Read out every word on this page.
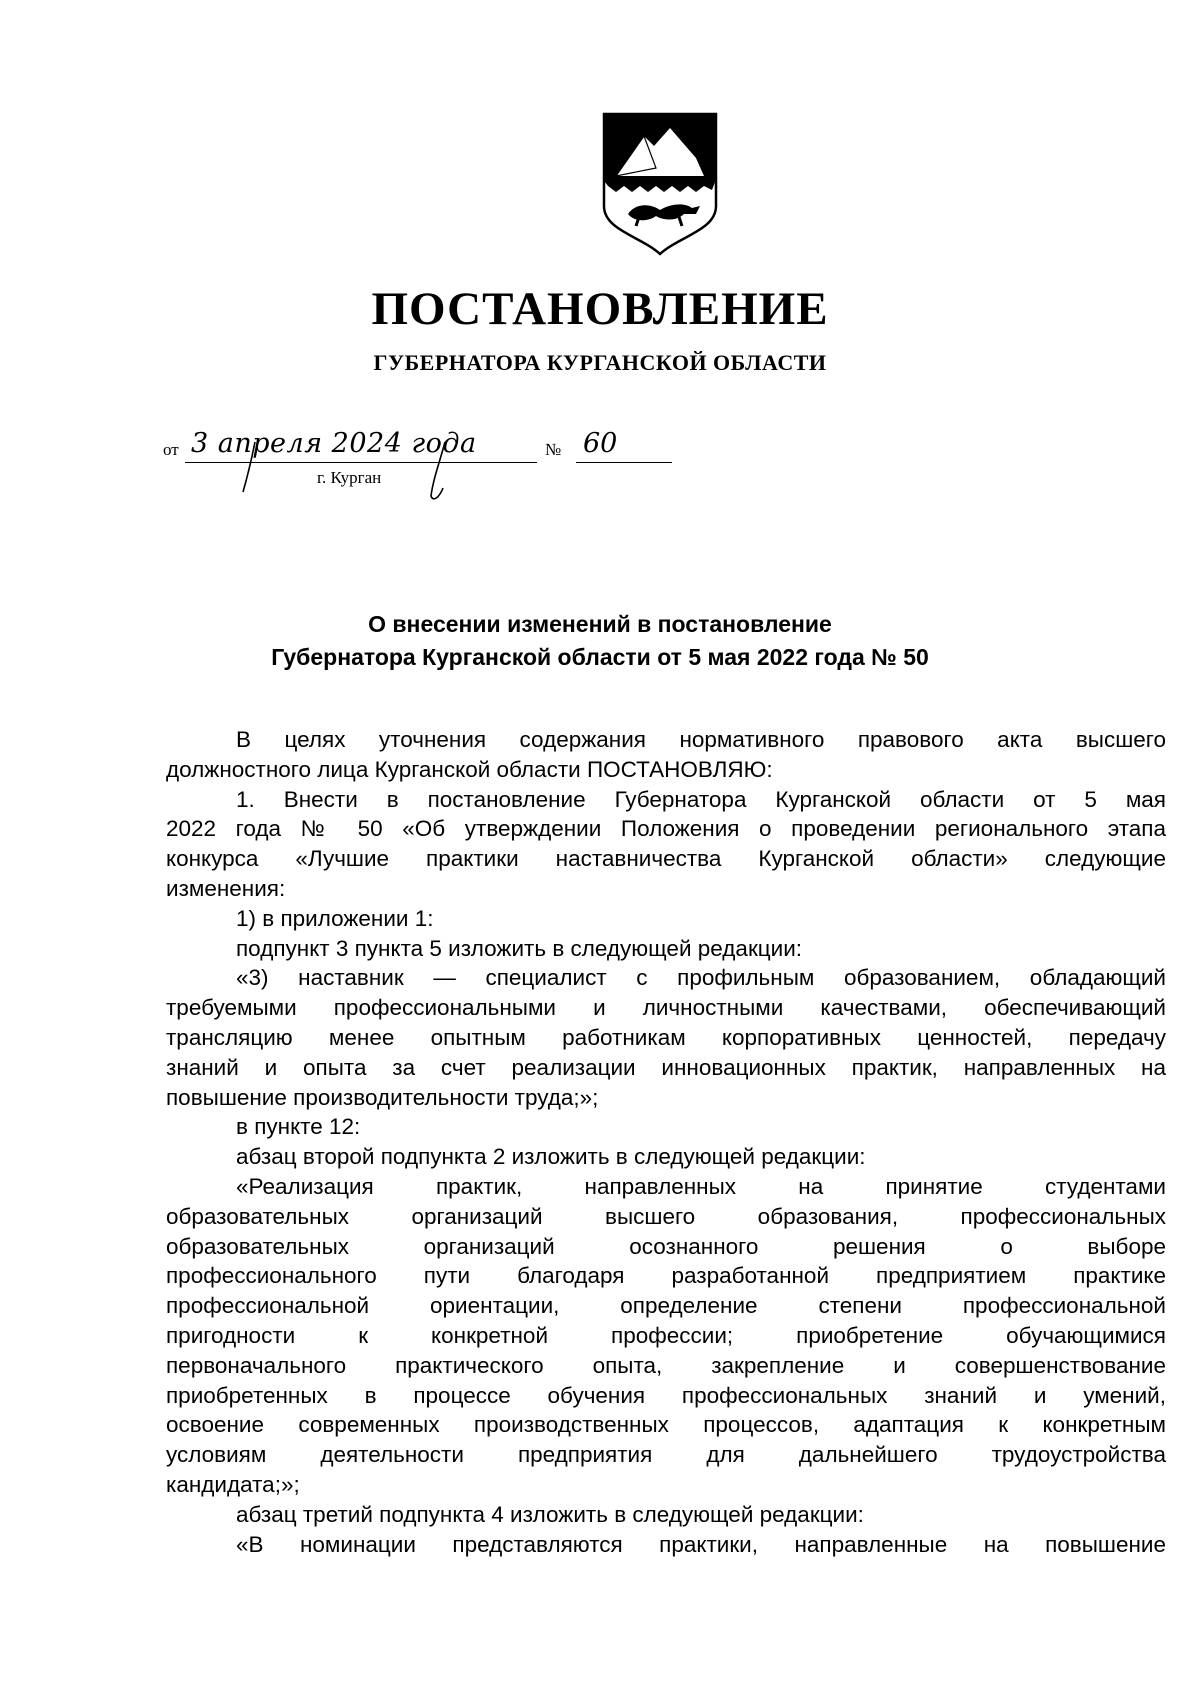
ПОСТАНОВЛЕНИЕ
ГУБЕРНАТОРА КУРГАНСКОЙ ОБЛАСТИ
от 3 апреля 2024 года	№ 60
г. Курган
О внесении изменений в постановление
Губернатора Курганской области от 5 мая 2022 года № 50

В целях уточнения содержания нормативного правового акта высшего

должностного лица Курганской области ПОСТАНОВЛЯЮ:

1. Внести в постановление Губернатора Курганской области от 5 мая

2022 года № 50 «Об утверждении Положения о проведении регионального этапа

конкурса «Лучшие практики наставничества Курганской области» следующие

изменения:

1) в приложении 1:

подпункт 3 пункта 5 изложить в следующей редакции:

«3) наставник — специалист с профильным образованием, обладающий

требуемыми профессиональными и личностными качествами, обеспечивающий

трансляцию менее опытным работникам корпоративных ценностей, передачу

знаний и опыта за счет реализации инновационных практик, направленных на

повышение производительности труда;»;

в пункте 12:

абзац второй подпункта 2 изложить в следующей редакции:

«Реализация практик, направленных на принятие студентами

образовательных организаций высшего образования, профессиональных

образовательных организаций осознанного решения о выборе

профессионального пути благодаря разработанной предприятием практике

профессиональной ориентации, определение степени профессиональной

пригодности к конкретной профессии; приобретение обучающимися

первоначального практического опыта, закрепление и совершенствование

приобретенных в процессе обучения профессиональных знаний и умений,

освоение современных производственных процессов, адаптация к конкретным

условиям деятельности предприятия для дальнейшего трудоустройства

кандидата;»;

абзац третий подпункта 4 изложить в следующей редакции:

«В номинации представляются практики, направленные на повышение
